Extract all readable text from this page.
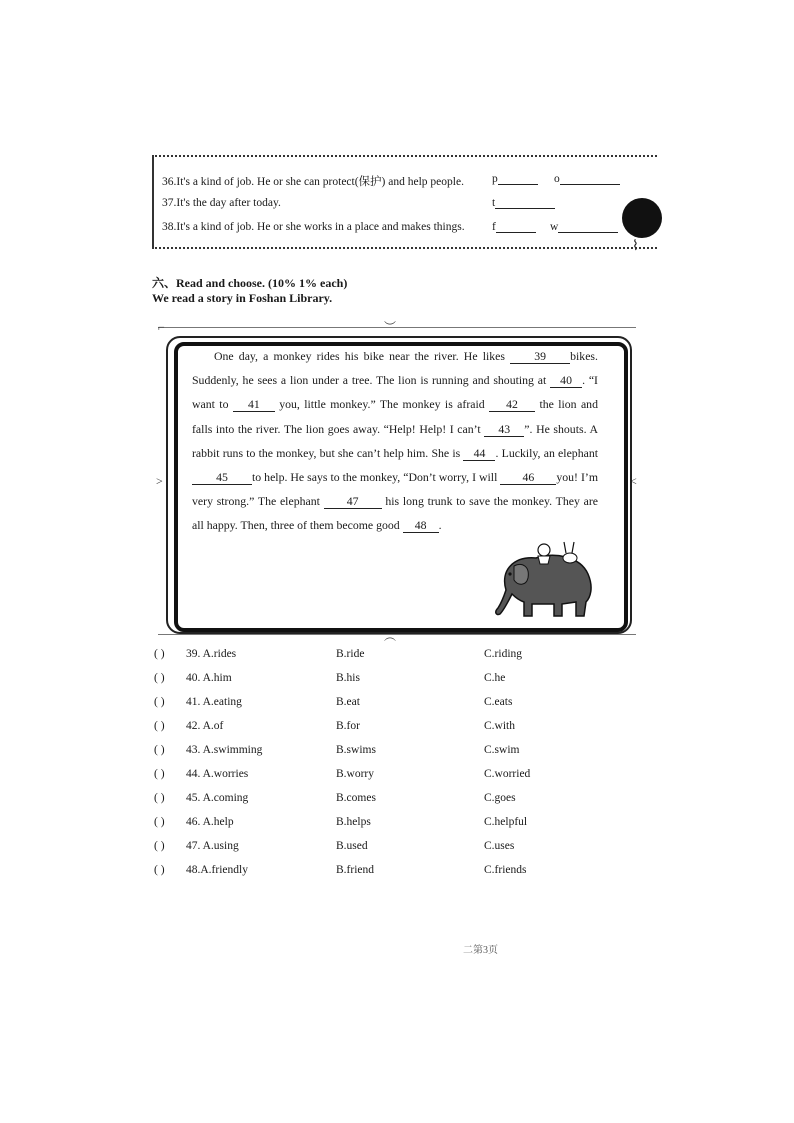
36.It's a kind of job. He or she can protect(保护) and help people. p	o
37.It's the day after today.	t
38.It's a kind of job. He or she works in a place and makes things. f	w
⌇
六、Read and choose. (10% 1% each)
We read a story in Foshan Library.
⌐	︶
>	<
︵

One day, a monkey rides his bike near the river. He likes 39 bikes. Suddenly, he sees a lion under a tree. The lion is running and shouting at 40 . “I want to 41 you, little monkey.” The monkey is afraid 42 the lion and falls into the river. The lion goes away. “Help! Help! I can’t 43 ”. He shouts. A rabbit runs to the monkey, but she can’t help him. She is 44 . Luckily, an elephant 45 to help. He says to the monkey, “Don’t worry, I will 46 you! I’m very strong.” The elephant 47 his long trunk to save the monkey. They are all happy. Then, three of them become good 48 .

( ) 39. A.rides	B.ride	C.riding
( ) 40. A.him	B.his	C.he
( ) 41. A.eating	B.eat	C.eats
( ) 42. A.of	B.for	C.with
( ) 43. A.swimming	B.swims	C.swim
( ) 44. A.worries	B.worry	C.worried
( ) 45. A.coming	B.comes	C.goes
( ) 46. A.help	B.helps	C.helpful
( ) 47. A.using	B.used	C.uses
( ) 48.A.friendly	B.friend	C.friends
二第3页
